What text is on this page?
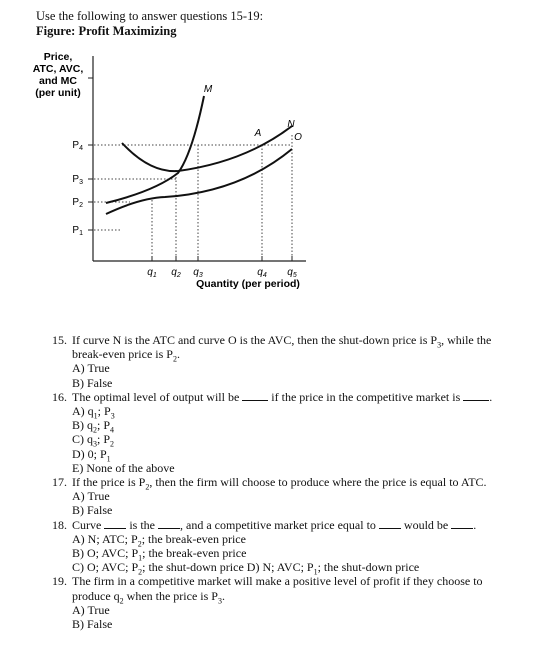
Use the following to answer questions 15-19:
Figure: Profit Maximizing
Price,
ATC, AVC,
and MC
(per unit)
$P_4$
$P_3$
$P_2$
$P_1$
M
A
N
O
$q_1$ $q_2$ $q_3$	$q_4$ $q_5$
Quantity (per period)
15. If curve N is the ATC and curve O is the AVC, then the shut-down price is $P_3$, while the
break-even price is $P_2$.
A) True
B) False
16. The optimal level of output will be	if the price in the competitive market is .
A) $q_1$; $P_3$
B) $q_2$; $P_4$
C) $q_3$; $P_2$
D) 0; $P_1$
E) None of the above
17. If the price is $P_2$, then the firm will choose to produce where the price is equal to ATC.
A) True
B) False
18. Curve is the , and a competitive market price equal to would be .
A) N; ATC; $P_2$; the break-even price
B) O; AVC; $P_1$; the break-even price
C) O; AVC; $P_2$; the shut-down price D) N; AVC; $P_1$; the shut-down price
19. The firm in a competitive market will make a positive level of profit if they choose to
produce $q_2$ when the price is $P_3$.
A) True
B) False
